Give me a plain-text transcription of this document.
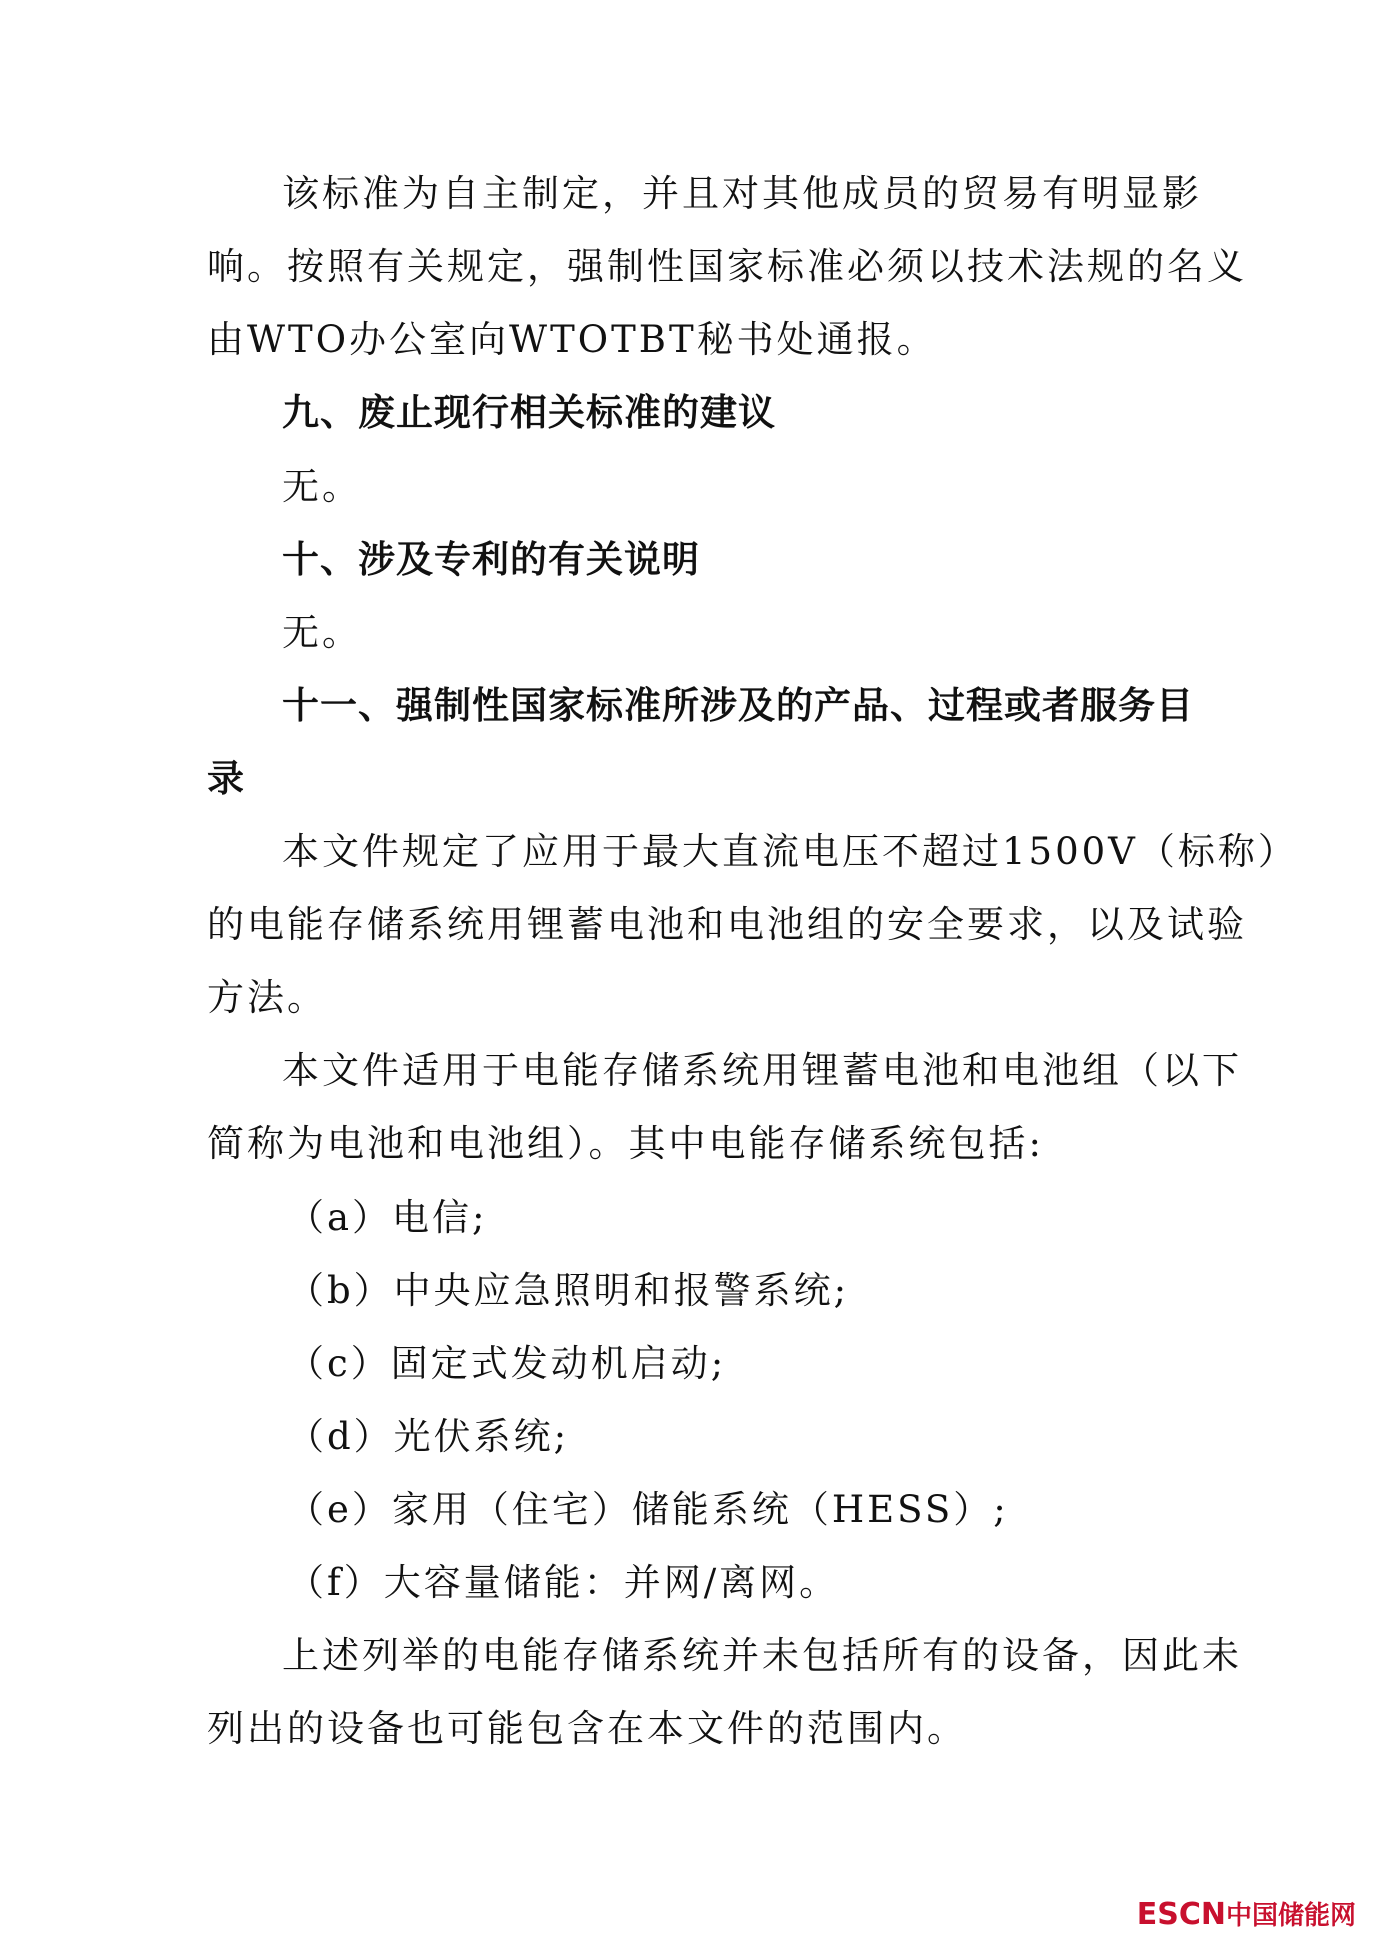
该标准为自主制定，并且对其他成员的贸易有明显影
响。按照有关规定，强制性国家标准必须以技术法规的名义
由WTO办公室向WTOTBT秘书处通报。
九、废止现行相关标准的建议
无。
十、涉及专利的有关说明
无。
十一、强制性国家标准所涉及的产品、过程或者服务目
录
本文件规定了应用于最大直流电压不超过1500V（标称）
的电能存储系统用锂蓄电池和电池组的安全要求，以及试验
方法。
本文件适用于电能存储系统用锂蓄电池和电池组（以下
简称为电池和电池组）。其中电能存储系统包括:
（a）电信;
（b）中央应急照明和报警系统;
（c）固定式发动机启动;
（d）光伏系统;
（e）家用（住宅）储能系统（HESS）;
（f）大容量储能：并网/离网。
上述列举的电能存储系统并未包括所有的设备，因此未
列出的设备也可能包含在本文件的范围内。
ESCN中国储能网
